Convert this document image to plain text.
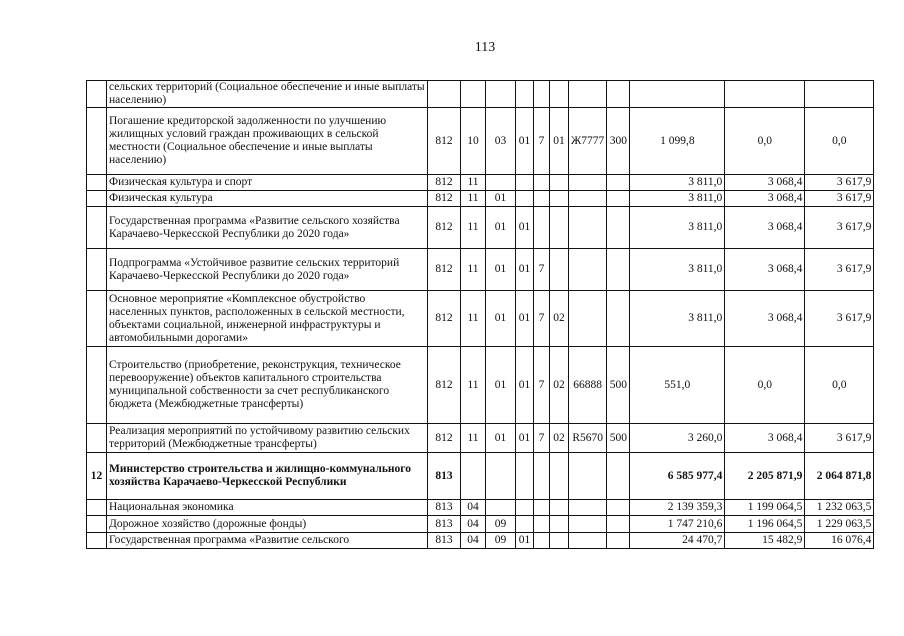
113
	сельских территорий (Социальное обеспечение и иные выплаты населению)											
	Погашение кредиторской задолженности по улучшению жилищных условий граждан проживающих в сельской местности (Социальное обеспечение и иные выплаты населению)	812	10	03	01	7	01	Ж7777	300	1 099,8	0,0	0,0
	Физическая культура и спорт	812	11							3 811,0	3 068,4	3 617,9
	Физическая культура	812	11	01						3 811,0	3 068,4	3 617,9
	Государственная программа «Развитие сельского хозяйства Карачаево-Черкесской Республики до 2020 года»	812	11	01	01					3 811,0	3 068,4	3 617,9
	Подпрограмма «Устойчивое развитие сельских территорий Карачаево-Черкесской Республики до 2020 года»	812	11	01	01	7				3 811,0	3 068,4	3 617,9
	Основное мероприятие «Комплексное обустройство населенных пунктов, расположенных в сельской местности, объектами социальной, инженерной инфраструктуры и автомобильными дорогами»	812	11	01	01	7	02			3 811,0	3 068,4	3 617,9
	Строительство (приобретение, реконструкция, техническое перевооружение) объектов капитального строительства муниципальной собственности за счет республиканского бюджета (Межбюджетные трансферты)	812	11	01	01	7	02	66888	500	551,0	0,0	0,0
	Реализация мероприятий по устойчивому развитию сельских территорий (Межбюджетные трансферты)	812	11	01	01	7	02	R5670	500	3 260,0	3 068,4	3 617,9
12	Министерство строительства и жилищно-коммунального хозяйства Карачаево-Черкесской Республики	813								6 585 977,4	2 205 871,9	2 064 871,8
	Национальная экономика	813	04							2 139 359,3	1 199 064,5	1 232 063,5
	Дорожное хозяйство (дорожные фонды)	813	04	09						1 747 210,6	1 196 064,5	1 229 063,5
	Государственная программа «Развитие сельского	813	04	09	01					24 470,7	15 482,9	16 076,4
